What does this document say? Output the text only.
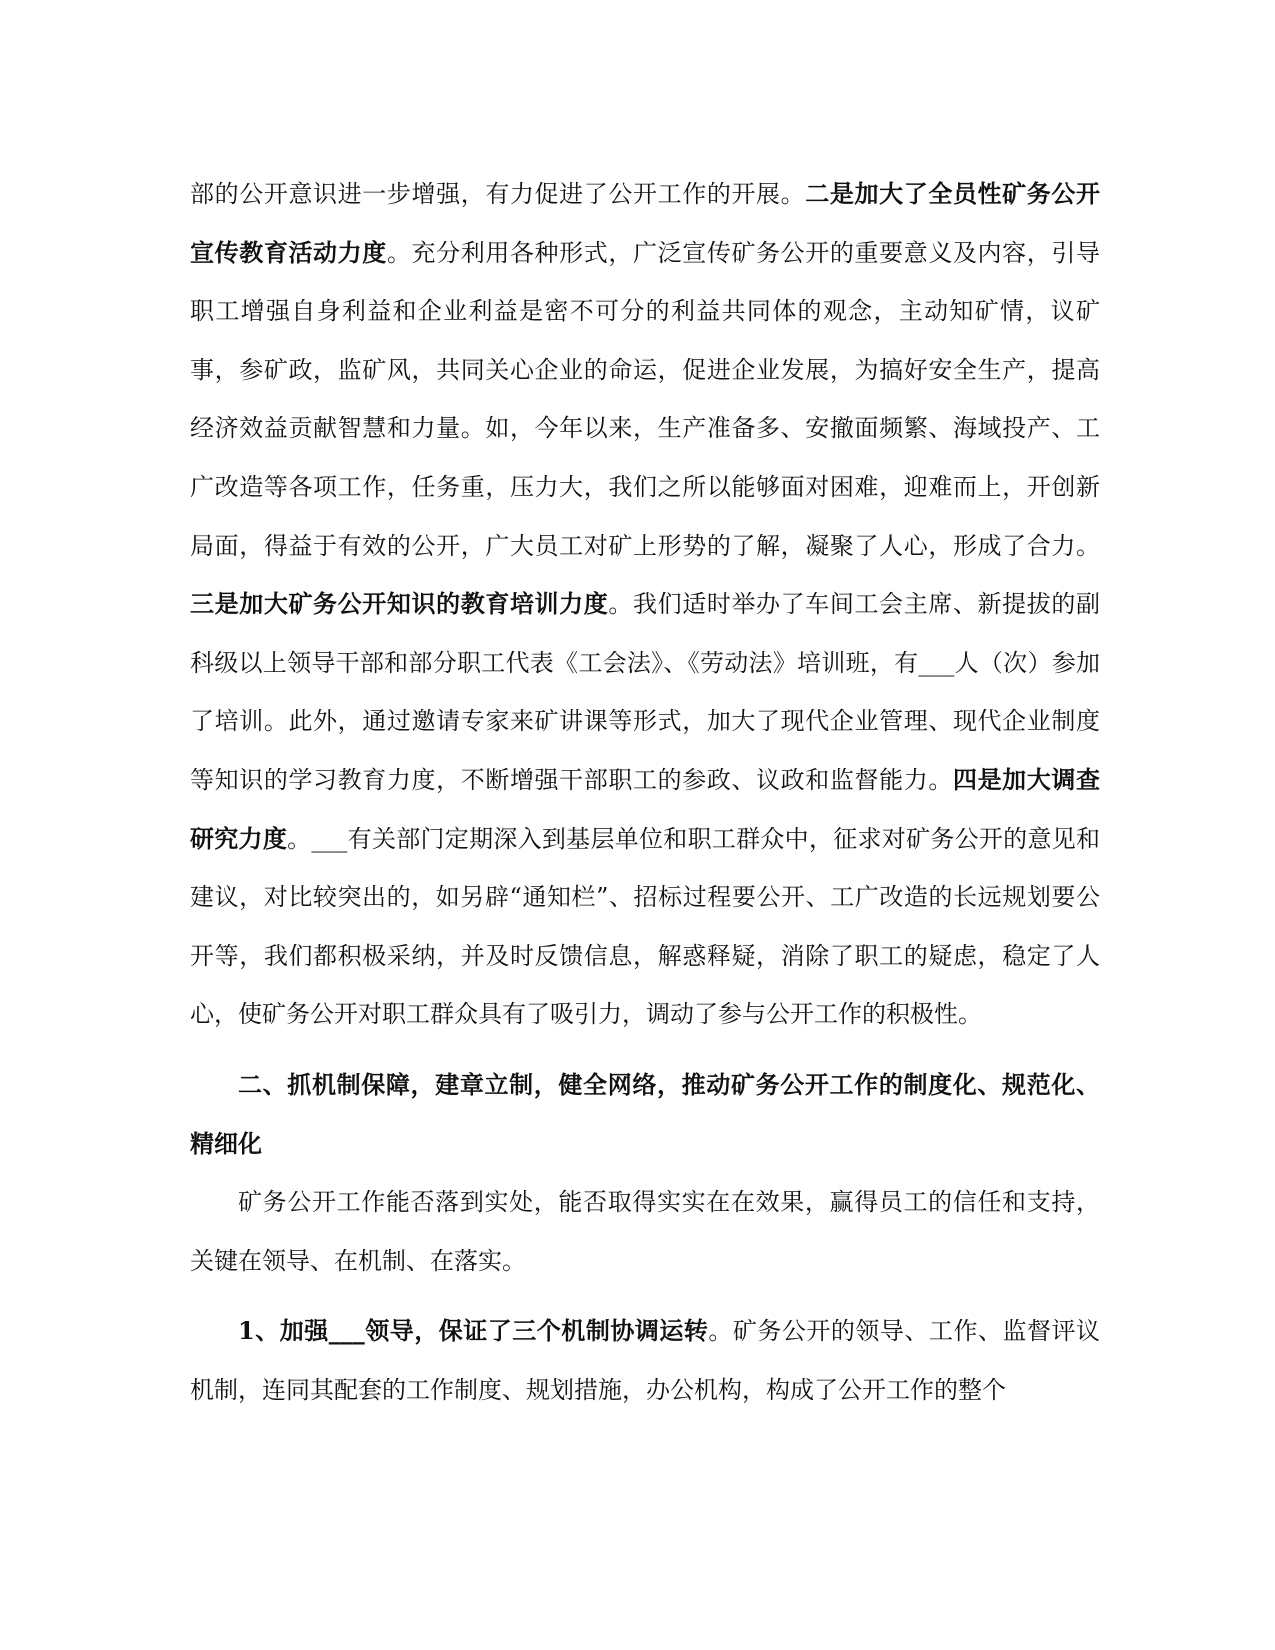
部的公开意识进一步增强，有力促进了公开工作的开展。二是加大了全员性矿务公开宣传教育活动力度。充分利用各种形式，广泛宣传矿务公开的重要意义及内容，引导职工增强自身利益和企业利益是密不可分的利益共同体的观念，主动知矿情，议矿事，参矿政，监矿风，共同关心企业的命运，促进企业发展，为搞好安全生产，提高经济效益贡献智慧和力量。如，今年以来，生产准备多、安撤面频繁、海域投产、工广改造等各项工作，任务重，压力大，我们之所以能够面对困难，迎难而上，开创新局面，得益于有效的公开，广大员工对矿上形势的了解，凝聚了人心，形成了合力。三是加大矿务公开知识的教育培训力度。我们适时举办了车间工会主席、新提拔的副科级以上领导干部和部分职工代表《工会法》、《劳动法》培训班，有___人（次）参加了培训。此外，通过邀请专家来矿讲课等形式，加大了现代企业管理、现代企业制度等知识的学习教育力度，不断增强干部职工的参政、议政和监督能力。四是加大调查研究力度。___有关部门定期深入到基层单位和职工群众中，征求对矿务公开的意见和建议，对比较突出的，如另辟“通知栏”、招标过程要公开、工广改造的长远规划要公开等，我们都积极采纳，并及时反馈信息，解惑释疑，消除了职工的疑虑，稳定了人心，使矿务公开对职工群众具有了吸引力，调动了参与公开工作的积极性。

二、抓机制保障，建章立制，健全网络，推动矿务公开工作的制度化、规范化、精细化

矿务公开工作能否落到实处，能否取得实实在在效果，赢得员工的信任和支持，关键在领导、在机制、在落实。

1、加强___领导，保证了三个机制协调运转。矿务公开的领导、工作、监督评议机制，连同其配套的工作制度、规划措施，办公机构，构成了公开工作的整个
